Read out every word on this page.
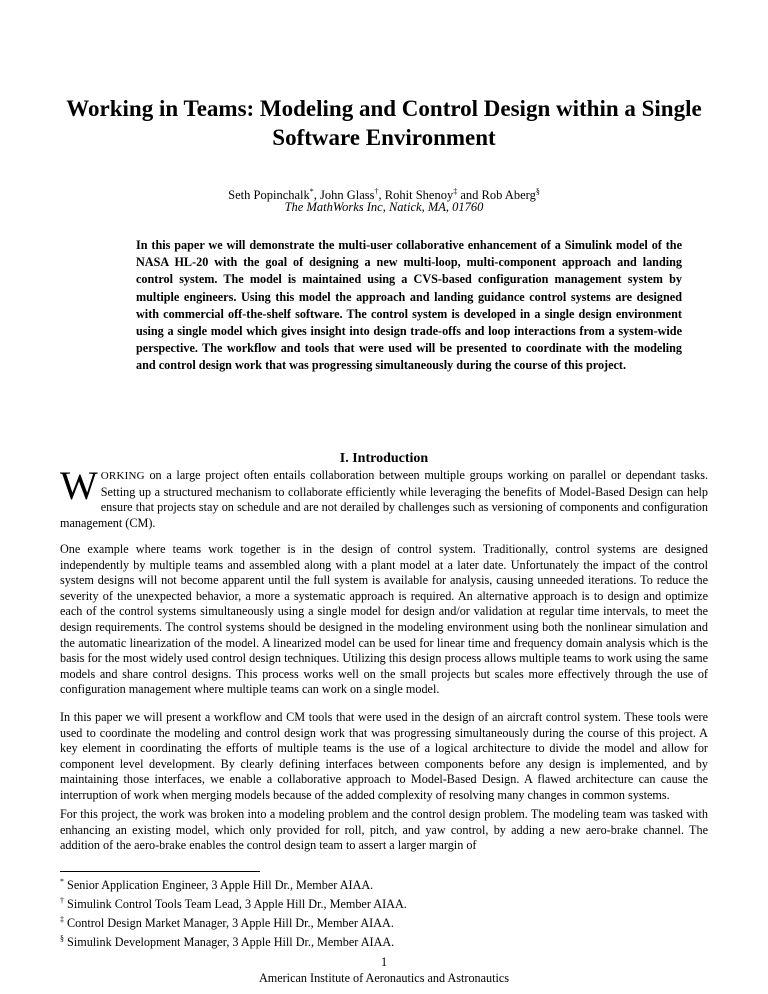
Working in Teams: Modeling and Control Design within a Single Software Environment
Seth Popinchalk*, John Glass†, Rohit Shenoy‡ and Rob Aberg§
The MathWorks Inc, Natick, MA, 01760
In this paper we will demonstrate the multi-user collaborative enhancement of a Simulink model of the NASA HL-20 with the goal of designing a new multi-loop, multi-component approach and landing control system. The model is maintained using a CVS-based configuration management system by multiple engineers. Using this model the approach and landing guidance control systems are designed with commercial off-the-shelf software. The control system is developed in a single design environment using a single model which gives insight into design trade-offs and loop interactions from a system-wide perspective. The workflow and tools that were used will be presented to coordinate with the modeling and control design work that was progressing simultaneously during the course of this project.
I. Introduction

WORKING on a large project often entails collaboration between multiple groups working on parallel or dependant tasks. Setting up a structured mechanism to collaborate efficiently while leveraging the benefits of Model-Based Design can help ensure that projects stay on schedule and are not derailed by challenges such as versioning of components and configuration management (CM).

One example where teams work together is in the design of control system. Traditionally, control systems are designed independently by multiple teams and assembled along with a plant model at a later date. Unfortunately the impact of the control system designs will not become apparent until the full system is available for analysis, causing unneeded iterations. To reduce the severity of the unexpected behavior, a more a systematic approach is required. An alternative approach is to design and optimize each of the control systems simultaneously using a single model for design and/or validation at regular time intervals, to meet the design requirements. The control systems should be designed in the modeling environment using both the nonlinear simulation and the automatic linearization of the model. A linearized model can be used for linear time and frequency domain analysis which is the basis for the most widely used control design techniques. Utilizing this design process allows multiple teams to work using the same models and share control designs. This process works well on the small projects but scales more effectively through the use of configuration management where multiple teams can work on a single model.

In this paper we will present a workflow and CM tools that were used in the design of an aircraft control system. These tools were used to coordinate the modeling and control design work that was progressing simultaneously during the course of this project. A key element in coordinating the efforts of multiple teams is the use of a logical architecture to divide the model and allow for component level development. By clearly defining interfaces between components before any design is implemented, and by maintaining those interfaces, we enable a collaborative approach to Model-Based Design. A flawed architecture can cause the interruption of work when merging models because of the added complexity of resolving many changes in common systems.

For this project, the work was broken into a modeling problem and the control design problem. The modeling team was tasked with enhancing an existing model, which only provided for roll, pitch, and yaw control, by adding a new aero-brake channel. The addition of the aero-brake enables the control design team to assert a larger margin of

* Senior Application Engineer, 3 Apple Hill Dr., Member AIAA.

† Simulink Control Tools Team Lead, 3 Apple Hill Dr., Member AIAA.

‡ Control Design Market Manager, 3 Apple Hill Dr., Member AIAA.

§ Simulink Development Manager, 3 Apple Hill Dr., Member AIAA.

1
American Institute of Aeronautics and Astronautics
